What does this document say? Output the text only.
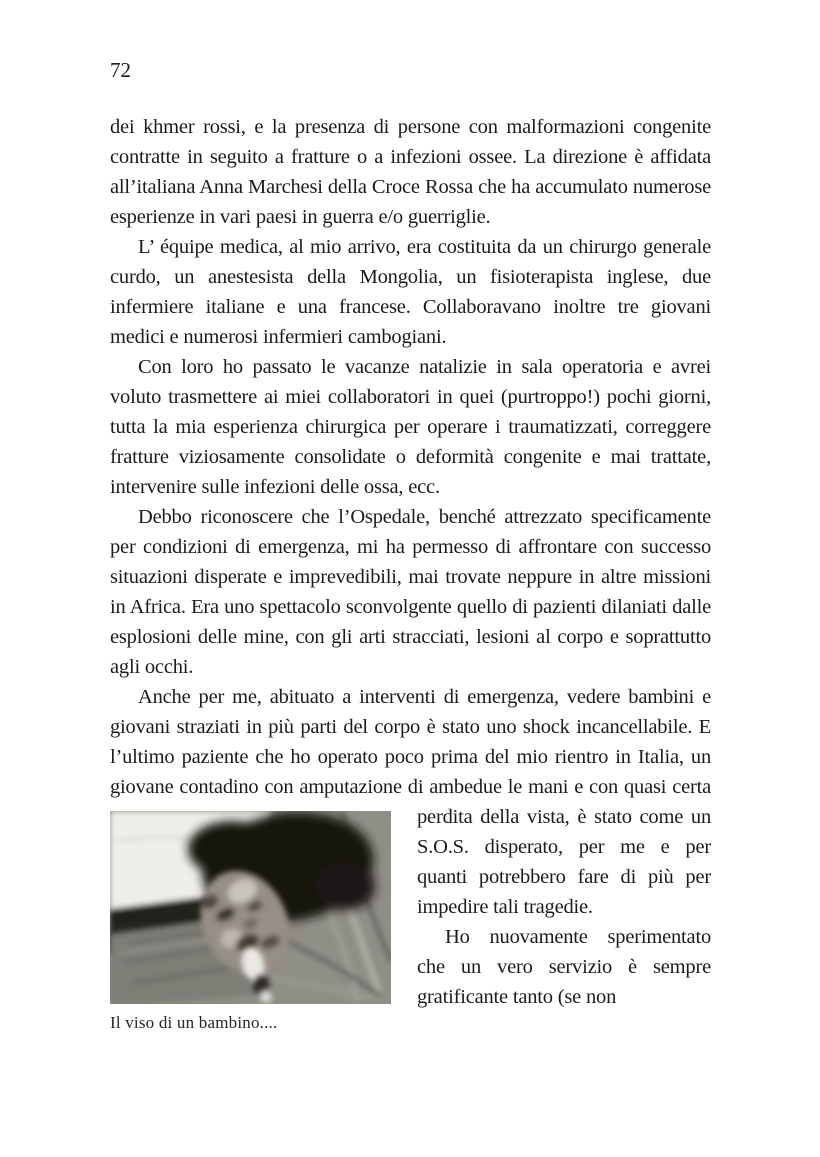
72

dei khmer rossi, e la presenza di persone con malformazioni congenite contratte in seguito a fratture o a infezioni ossee. La direzione è affidata all’italiana Anna Marchesi della Croce Rossa che ha accumulato numerose esperienze in vari paesi in guerra e/o guerriglie.

L’ équipe medica, al mio arrivo, era costituita da un chirurgo generale curdo, un anestesista della Mongolia, un fisioterapista inglese, due infermiere italiane e una francese. Collaboravano inoltre tre giovani medici e numerosi infermieri cambogiani.

Con loro ho passato le vacanze natalizie in sala operatoria e avrei voluto trasmettere ai miei collaboratori in quei (purtroppo!) pochi giorni, tutta la mia esperienza chirurgica per operare i traumatizzati, correggere fratture viziosamente consolidate o deformità congenite e mai trattate, intervenire sulle infezioni delle ossa, ecc.

Debbo riconoscere che l’Ospedale, benché attrezzato specificamente per condizioni di emergenza, mi ha permesso di affrontare con successo situazioni disperate e imprevedibili, mai trovate neppure in altre missioni in Africa. Era uno spettacolo sconvolgente quello di pazienti dilaniati dalle esplosioni delle mine, con gli arti stracciati, lesioni al corpo e soprattutto agli occhi.

Anche per me, abituato a interventi di emergenza, vedere bambini e giovani straziati in più parti del corpo è stato uno shock incancellabile. E l’ultimo paziente che ho operato poco prima del mio rientro in Italia, un giovane contadino con amputazione di
Il viso di un bambino....
ambedue le mani e con quasi certa perdita della vista, è stato come un S.O.S. disperato, per me e per quanti potrebbero fare di più per impedire tali tragedie.

Ho nuovamente sperimentato che un vero servizio è sempre gratificante tanto (se non
